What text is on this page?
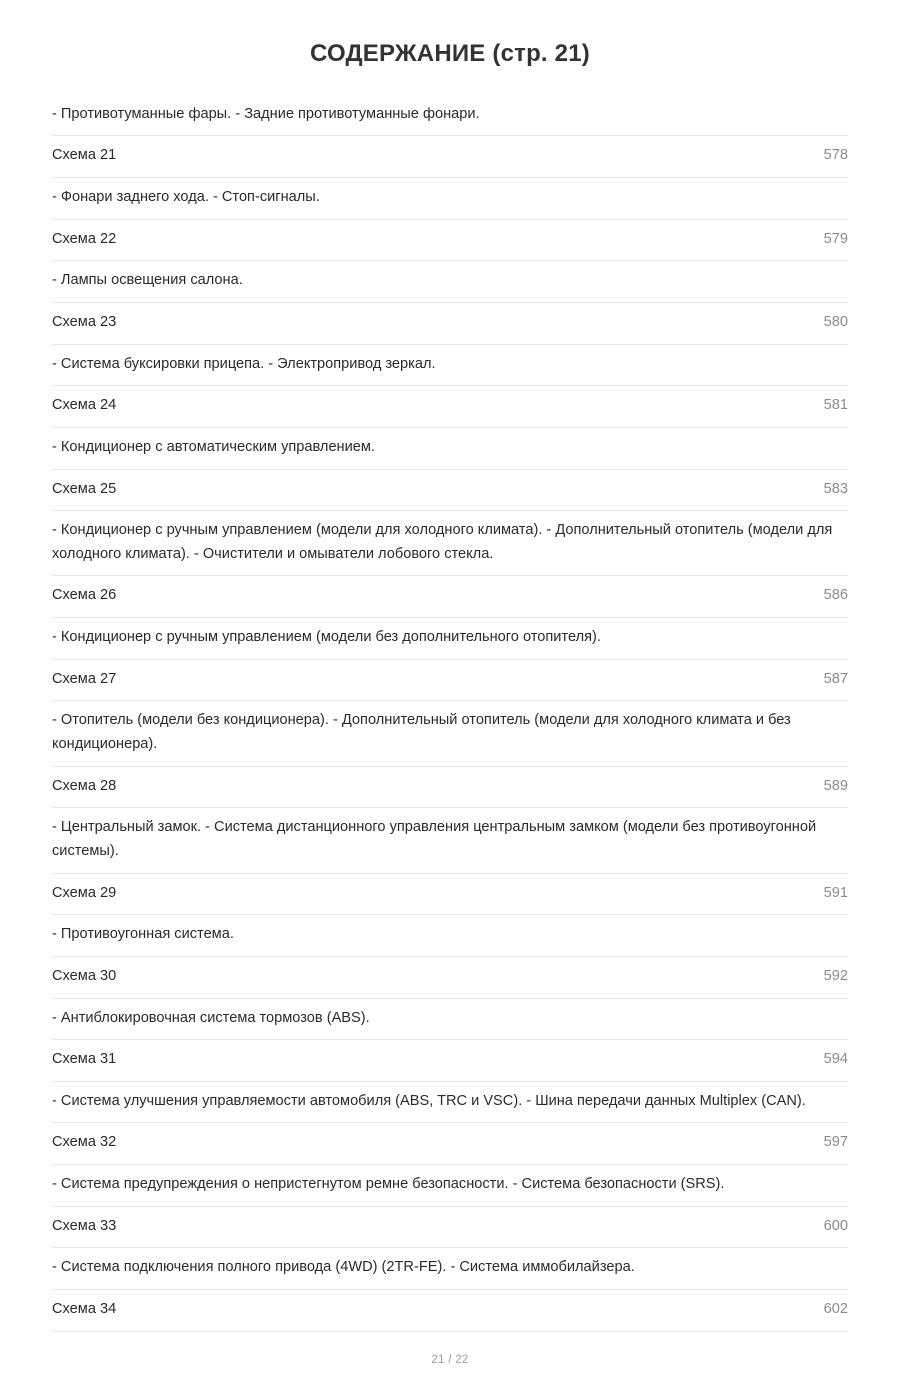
СОДЕРЖАНИЕ (стр. 21)
- Противотуманные фары. - Задние противотуманные фонари.
Схема 21	578
- Фонари заднего хода. - Стоп-сигналы.
Схема 22	579
- Лампы освещения салона.
Схема 23	580
- Система буксировки прицепа. - Электропривод зеркал.
Схема 24	581
- Кондиционер с автоматическим управлением.
Схема 25	583
- Кондиционер с ручным управлением (модели для холодного климата). - Дополнительный отопитель (модели для холодного климата). - Очистители и омыватели лобового стекла.
Схема 26	586
- Кондиционер с ручным управлением (модели без дополнительного отопителя).
Схема 27	587
- Отопитель (модели без кондиционера). - Дополнительный отопитель (модели для холодного климата и без кондиционера).
Схема 28	589
- Центральный замок. - Система дистанционного управления центральным замком (модели без противоугонной системы).
Схема 29	591
- Противоугонная система.
Схема 30	592
- Антиблокировочная система тормозов (ABS).
Схема 31	594
- Система улучшения управляемости автомобиля (ABS, TRC и VSC). - Шина передачи данных Multiplex (CAN).
Схема 32	597
- Система предупреждения о непристегнутом ремне безопасности. - Система безопасности (SRS).
Схема 33	600
- Система подключения полного привода (4WD) (2TR-FE). - Система иммобилайзера.
Схема 34	602
21 / 22
